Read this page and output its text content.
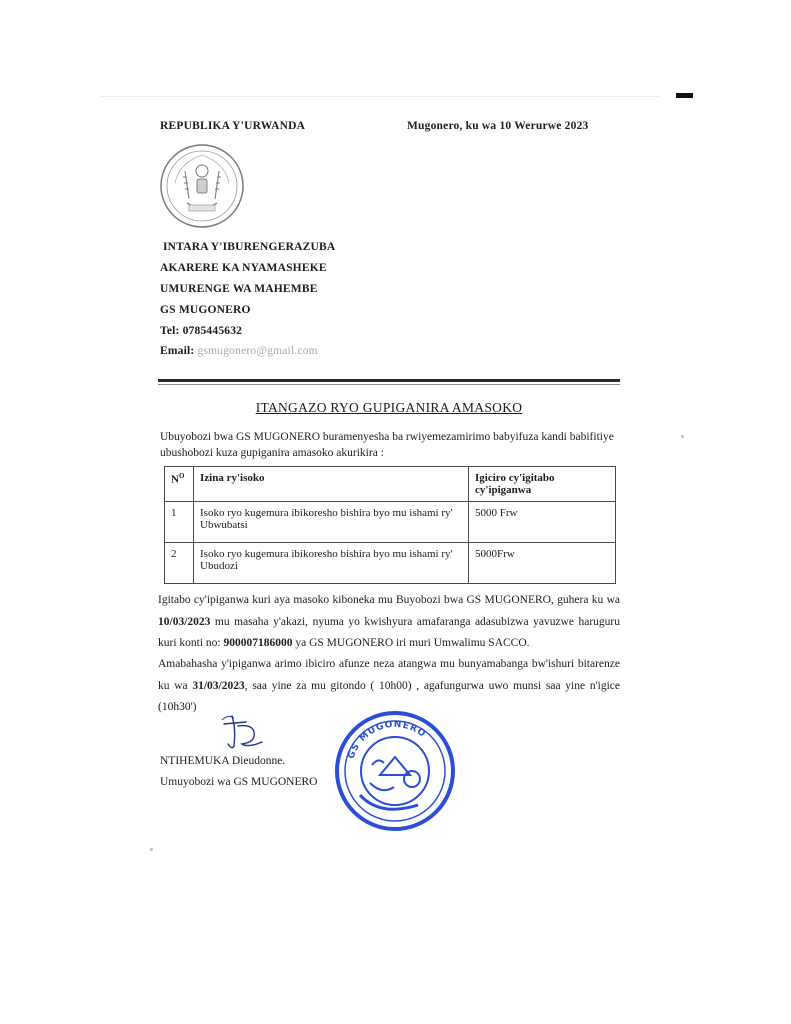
REPUBLIKA Y'URWANDA	Mugonero, ku wa 10 Werurwe 2023
INTARA Y'IBURENGERAZUBA
AKARERE KA NYAMASHEKE
UMURENGE WA MAHEMBE
GS MUGONERO
Tel: 0785445632
Email: gsmugonero@gmail.com
ITANGAZO RYO GUPIGANIRA AMASOKO
Ubuyobozi bwa GS MUGONERO buramenyesha ba rwiyemezamirimo babyifuza kandi babifitiye ubushobozi kuza gupiganira amasoko akurikira :
$N^O$	Izina ry'isoko	Igiciro cy'igitabo cy'ipiganwa
1	Isoko ryo kugemura ibikoresho bishira byo mu ishami ry' Ubwubatsi	5000 Frw
2	Isoko ryo kugemura ibikoresho bishira byo mu ishami ry' Ubudozi	5000Frw
Igitabo cy'ipiganwa kuri aya masoko kiboneka mu Buyobozi bwa GS MUGONERO, guhera ku wa 10/03/2023 mu masaha y'akazi, nyuma yo kwishyura amafaranga adasubizwa yavuzwe haruguru kuri konti no: 900007186000 ya GS MUGONERO iri muri Umwalimu SACCO.
Amabahasha y'ipiganwa arimo ibiciro afunze neza atangwa mu bunyamabanga bw'ishuri bitarenze ku wa 31/03/2023, saa yine za mu gitondo ( 10h00) , agafungurwa uwo munsi saa yine n'igice (10h30')
NTIHEMUKA Dieudonne.
Umuyobozi wa GS MUGONERO
GS MUGONERO
